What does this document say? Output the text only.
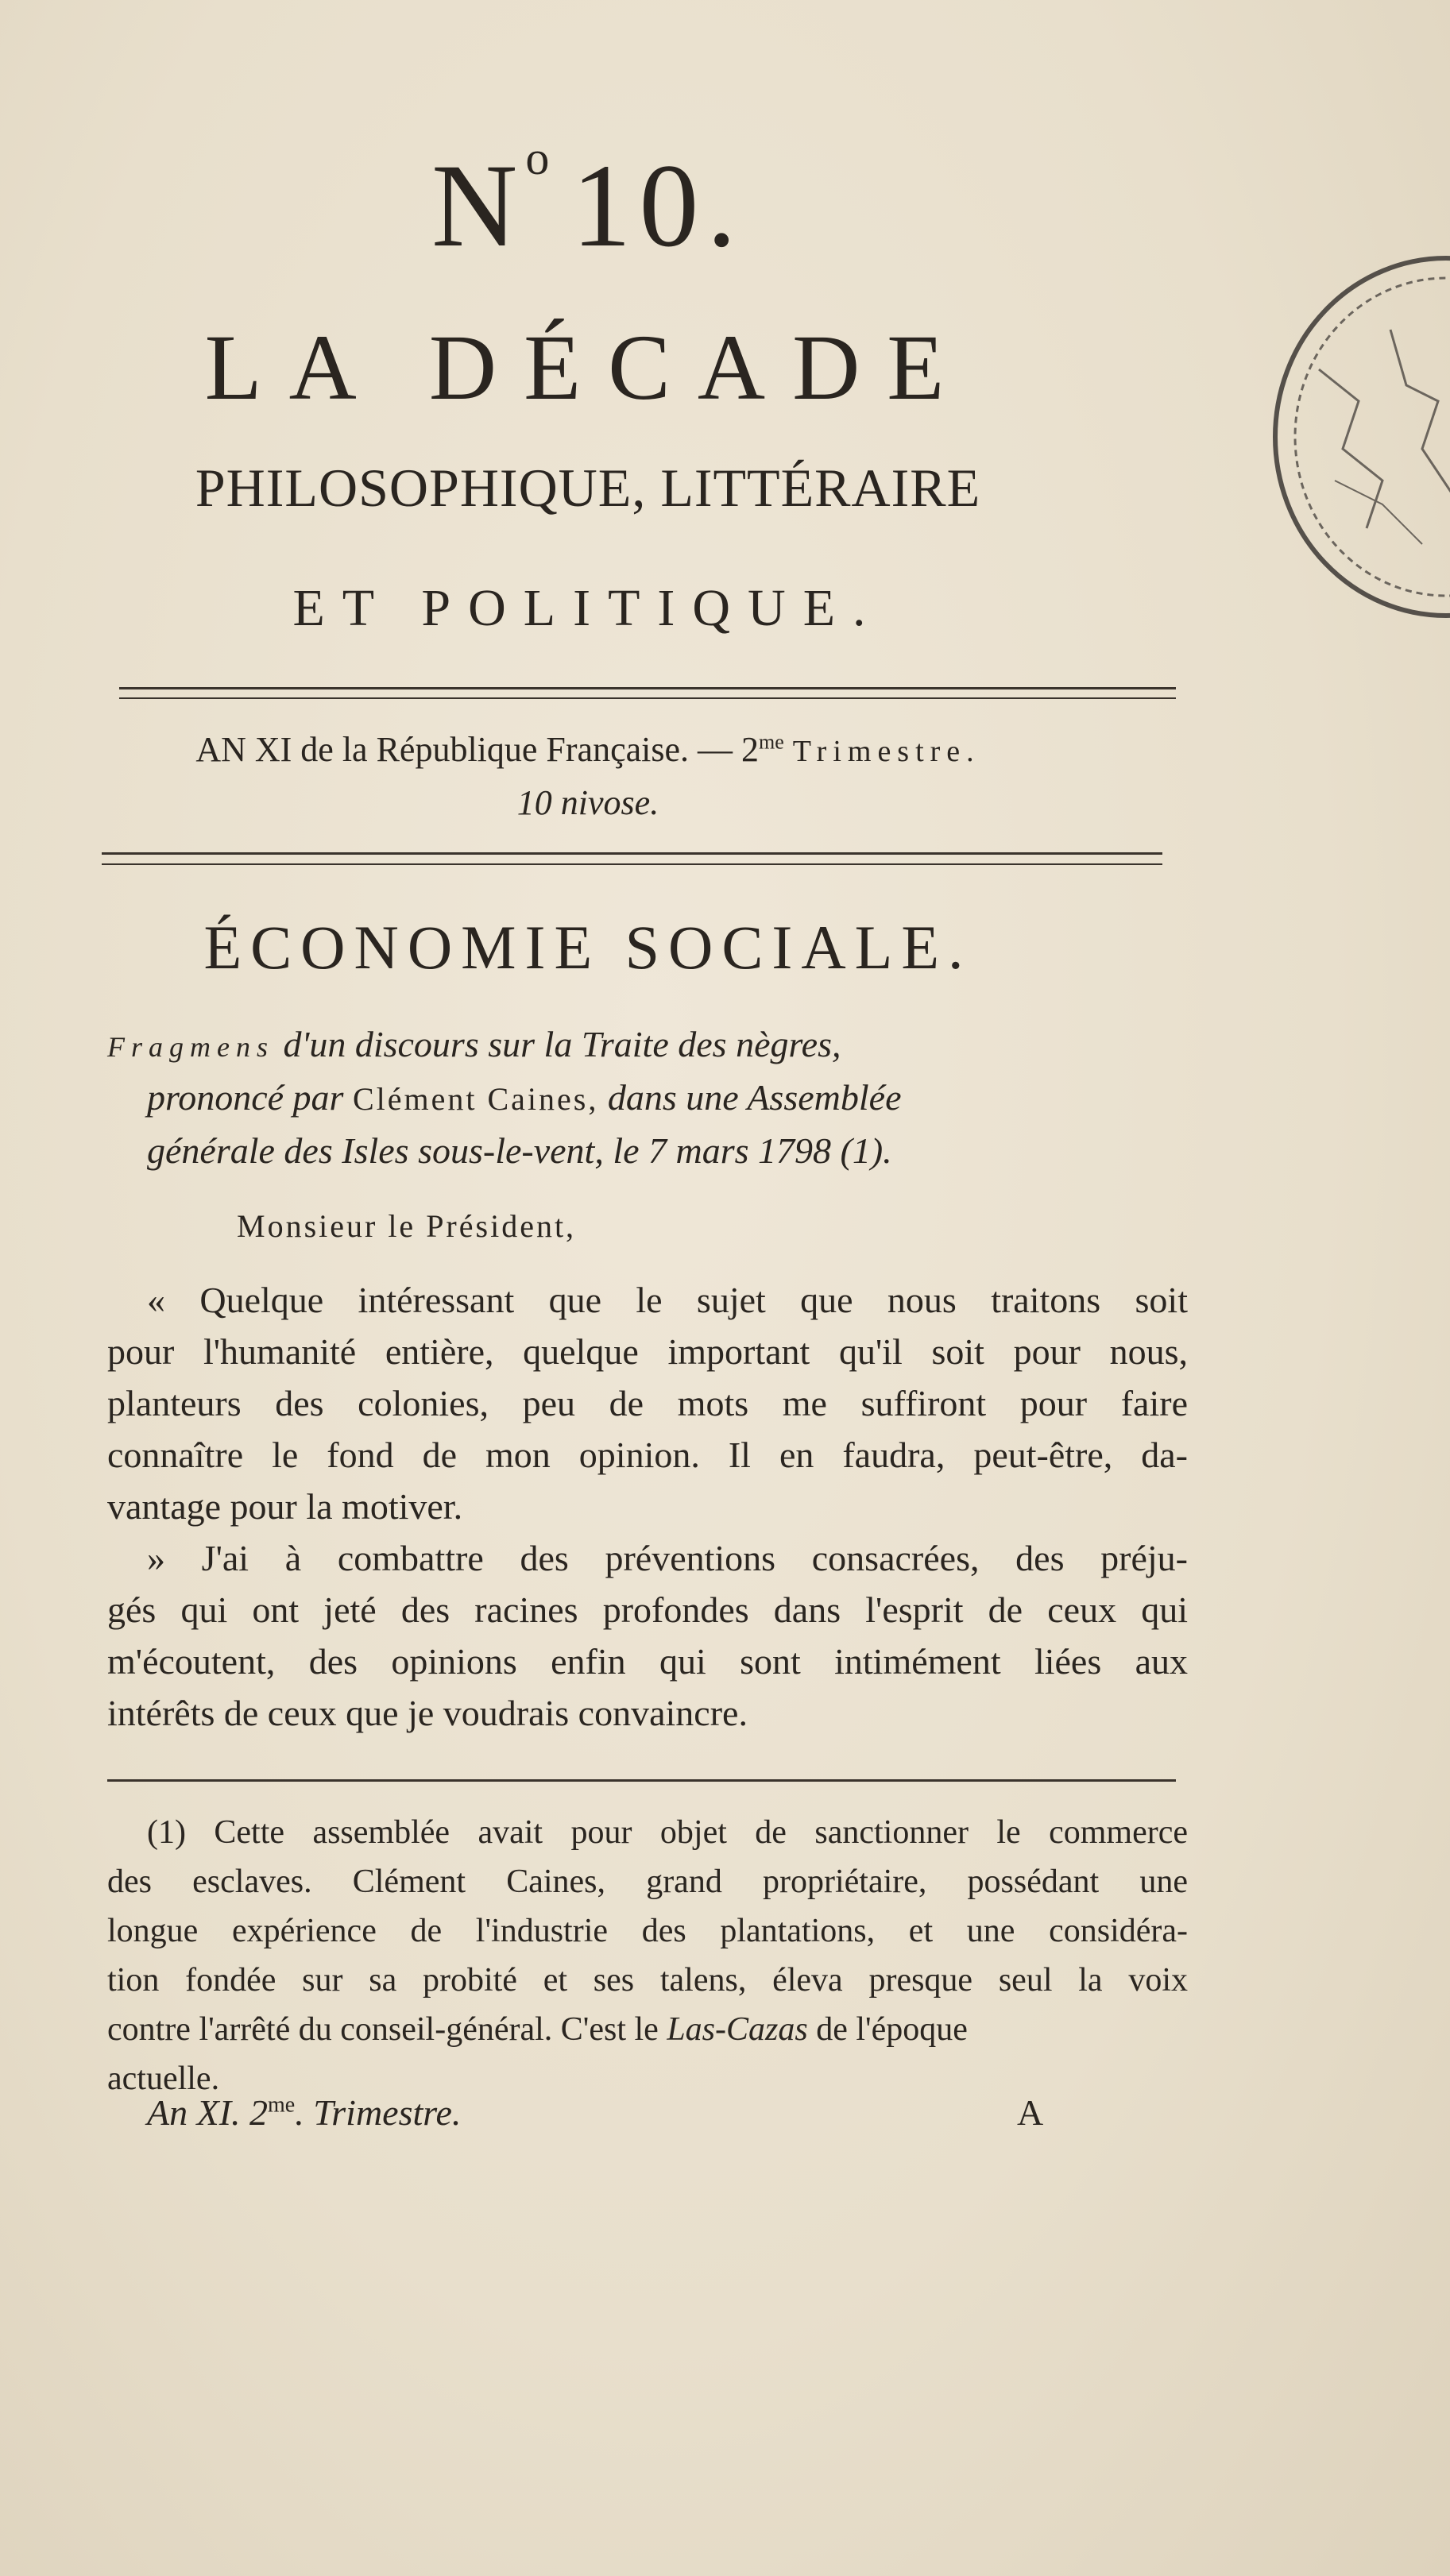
$N^o$ 10.
LA DÉCADE
PHILOSOPHIQUE, LITTÉRAIRE
ET POLITIQUE.
AN XI de la République Française. — $2^{me}$ Trimestre.
10 nivose.
ÉCONOMIE SOCIALE.
Fragmens d'un discours sur la Traite des nègres,
prononcé par Clément Caines, dans une Assemblée
générale des Isles sous-le-vent, le 7 mars 1798 (1).
Monsieur le Président,
« Quelque intéressant que le sujet que nous traitons soit
pour l'humanité entière, quelque important qu'il soit pour nous,
planteurs des colonies, peu de mots me suffiront pour faire
connaître le fond de mon opinion. Il en faudra, peut-être, da-
vantage pour la motiver.
» J'ai à combattre des préventions consacrées, des préju-
gés qui ont jeté des racines profondes dans l'esprit de ceux qui
m'écoutent, des opinions enfin qui sont intimément liées aux
intérêts de ceux que je voudrais convaincre.
(1) Cette assemblée avait pour objet de sanctionner le commerce
des esclaves. Clément Caines, grand propriétaire, possédant une
longue expérience de l'industrie des plantations, et une considéra-
tion fondée sur sa probité et ses talens, éleva presque seul la voix
contre l'arrêté du conseil-général. C'est le Las-Cazas de l'époque
actuelle.
An XI. $2^{me}$. Trimestre.	A
